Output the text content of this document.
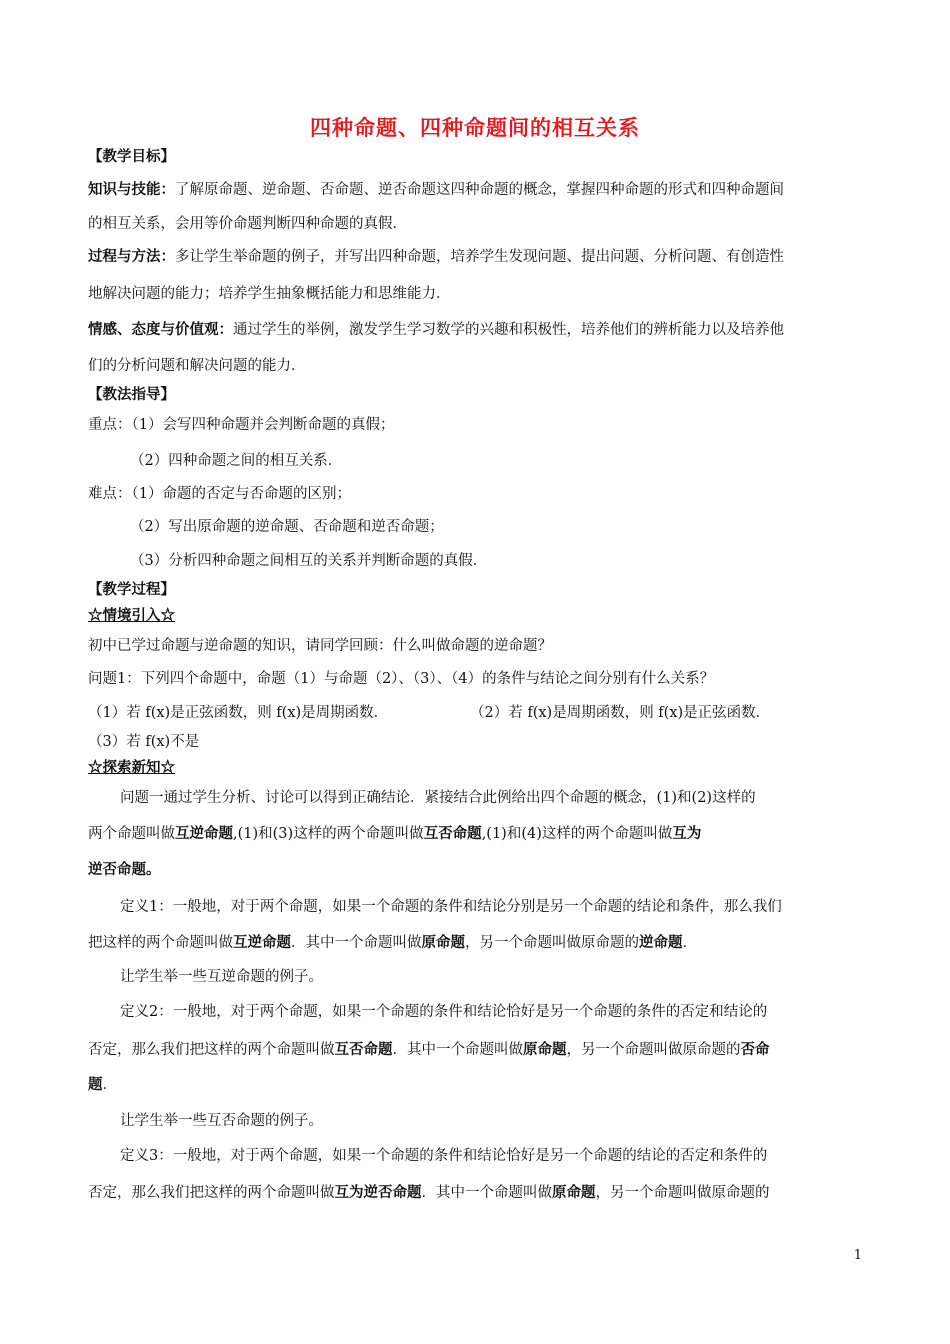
四种命题、四种命题间的相互关系
【教学目标】
知识与技能：了解原命题、逆命题、否命题、逆否命题这四种命题的概念，掌握四种命题的形式和四种命题间
的相互关系，会用等价命题判断四种命题的真假．
过程与方法：多让学生举命题的例子，并写出四种命题，培养学生发现问题、提出问题、分析问题、有创造性
地解决问题的能力；培养学生抽象概括能力和思维能力．
情感、态度与价值观：通过学生的举例，激发学生学习数学的兴趣和积极性，培养他们的辨析能力以及培养他
们的分析问题和解决问题的能力．
【教法指导】
重点：（1）会写四种命题并会判断命题的真假；
（2）四种命题之间的相互关系．
难点：（1）命题的否定与否命题的区别；
（2）写出原命题的逆命题、否命题和逆否命题；
（3）分析四种命题之间相互的关系并判断命题的真假．
【教学过程】
☆情境引入☆
初中已学过命题与逆命题的知识，请同学回顾：什么叫做命题的逆命题？
问题1：下列四个命题中，命题（1）与命题（2）、（3）、（4）的条件与结论之间分别有什么关系？
（1）若 f(x)是正弦函数，则 f(x)是周期函数．	（2）若 f(x)是周期函数，则 f(x)是正弦函数．
（3）若 f(x)不是
☆探索新知☆
问题一通过学生分析、讨论可以得到正确结论．紧接结合此例给出四个命题的概念，(1)和(2)这样的
两个命题叫做互逆命题,(1)和(3)这样的两个命题叫做互否命题,(1)和(4)这样的两个命题叫做互为
逆否命题。
定义1：一般地，对于两个命题，如果一个命题的条件和结论分别是另一个命题的结论和条件，那么我们
把这样的两个命题叫做互逆命题．其中一个命题叫做原命题，另一个命题叫做原命题的逆命题．
让学生举一些互逆命题的例子。
定义2：一般地，对于两个命题，如果一个命题的条件和结论恰好是另一个命题的条件的否定和结论的
否定，那么我们把这样的两个命题叫做互否命题．其中一个命题叫做原命题，另一个命题叫做原命题的否命
题．
让学生举一些互否命题的例子。
定义3：一般地，对于两个命题，如果一个命题的条件和结论恰好是另一个命题的结论的否定和条件的
否定，那么我们把这样的两个命题叫做互为逆否命题．其中一个命题叫做原命题，另一个命题叫做原命题的
1
